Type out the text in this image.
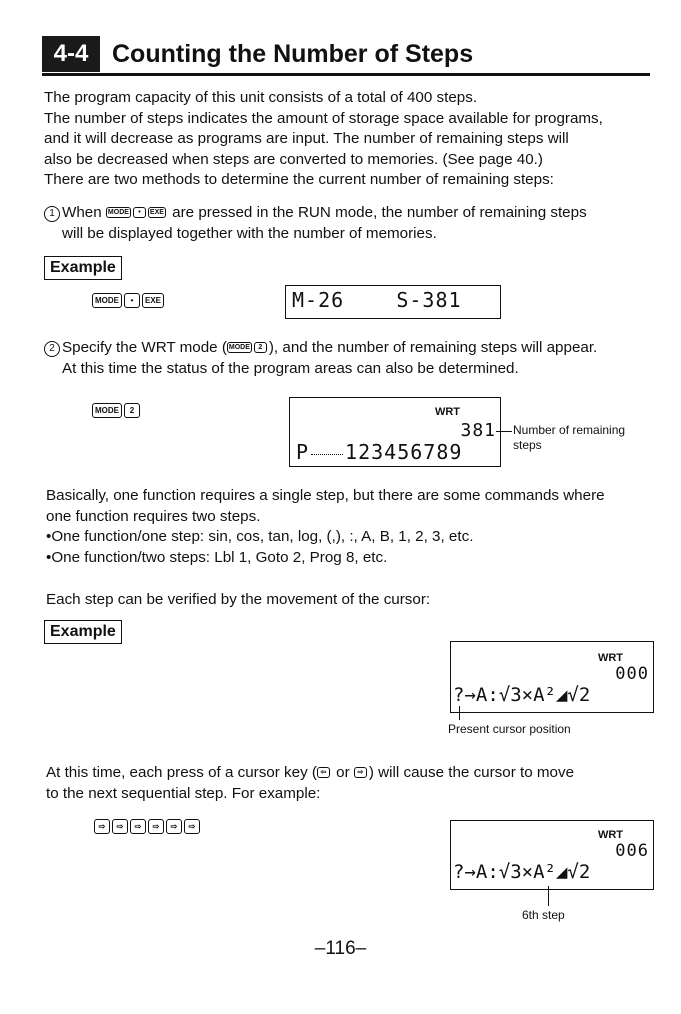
4-4 Counting the Number of Steps
The program capacity of this unit consists of a total of 400 steps.
The number of steps indicates the amount of storage space available for programs,
and it will decrease as programs are input. The number of remaining steps will
also be decreased when steps are converted to memories. (See page 40.)
There are two methods to determine the current number of remaining steps:
1 When MODE • EXE are pressed in the RUN mode, the number of remaining steps
will be displayed together with the number of memories.
Example
MODE • EXE	M-26    S-381
2 Specify the WRT mode ( MODE 2 ), and the number of remaining steps will appear.
At this time the status of the program areas can also be determined.
MODE 2	WRT
381
P 123456789
Number of remaining
steps
Basically, one function requires a single step, but there are some commands where
one function requires two steps.
•One function/one step: sin, cos, tan, log, (,), :, A, B, 1, 2, 3, etc.
•One function/two steps: Lbl 1, Goto 2, Prog 8, etc.
Each step can be verified by the movement of the cursor:
Example
WRT
000
?→A:√3×A²◢√2
Present cursor position
At this time, each press of a cursor key ( ⇦ or ⇨ ) will cause the cursor to move
to the next sequential step. For example:
⇨ ⇨ ⇨ ⇨ ⇨ ⇨
WRT
006
?→A:√3×A²◢√2
6th step
–116–
